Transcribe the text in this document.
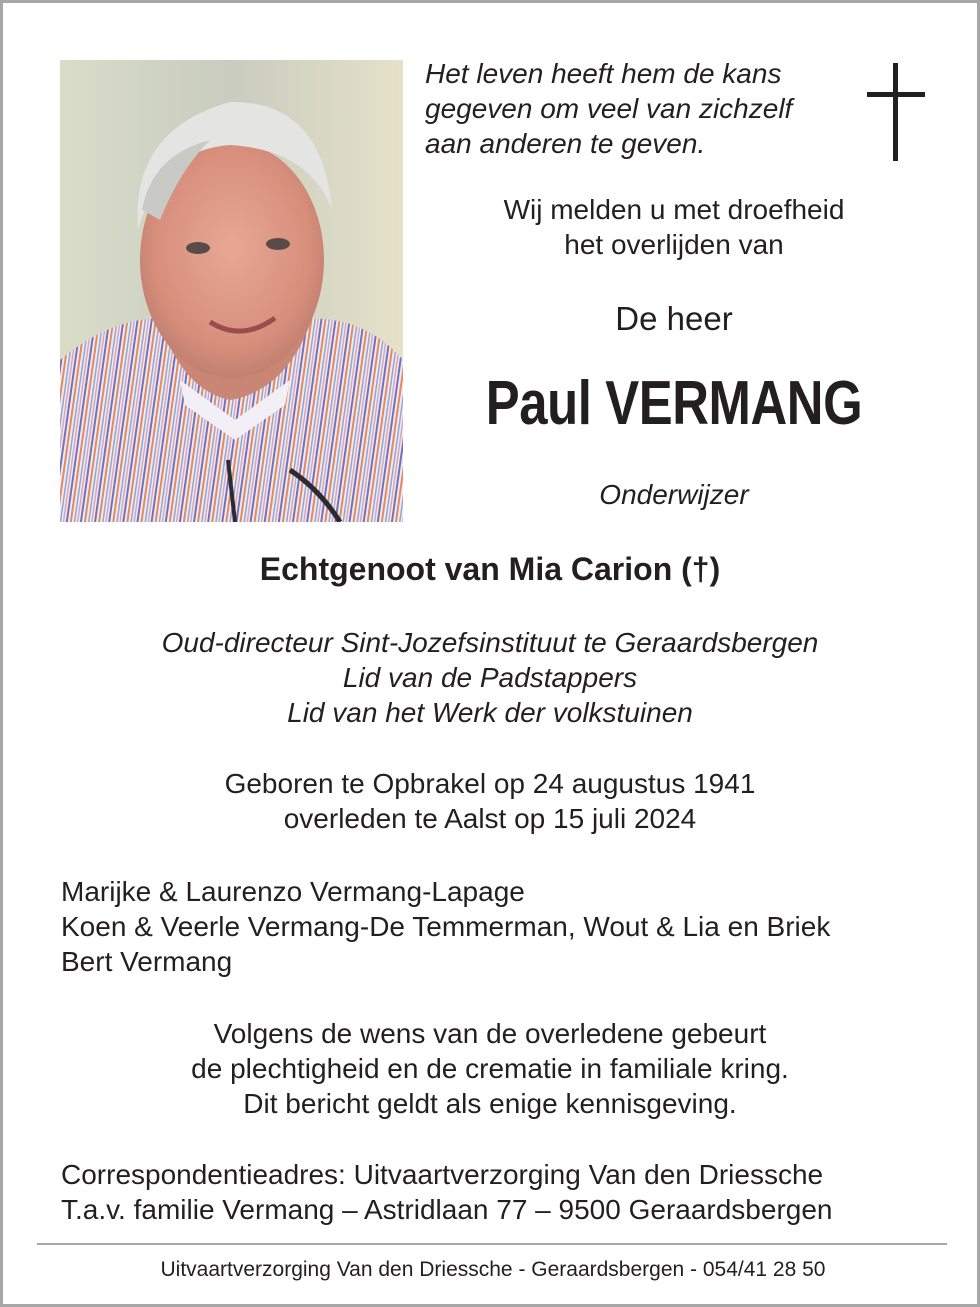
Het leven heeft hem de kans
gegeven om veel van zichzelf
aan anderen te geven.
Wij melden u met droefheid
het overlijden van
De heer
Paul VERMANG
Onderwijzer
Echtgenoot van Mia Carion (†)
Oud-directeur Sint-Jozefsinstituut te Geraardsbergen
Lid van de Padstappers
Lid van het Werk der volkstuinen
Geboren te Opbrakel op 24 augustus 1941
overleden te Aalst op 15 juli 2024
Marijke & Laurenzo Vermang-Lapage
Koen & Veerle Vermang-De Temmerman, Wout & Lia en Briek
Bert Vermang
Volgens de wens van de overledene gebeurt
de plechtigheid en de crematie in familiale kring.
Dit bericht geldt als enige kennisgeving.
Correspondentieadres: Uitvaartverzorging Van den Driessche
T.a.v. familie Vermang – Astridlaan 77 – 9500 Geraardsbergen
Uitvaartverzorging Van den Driessche - Geraardsbergen - 054/41 28 50
